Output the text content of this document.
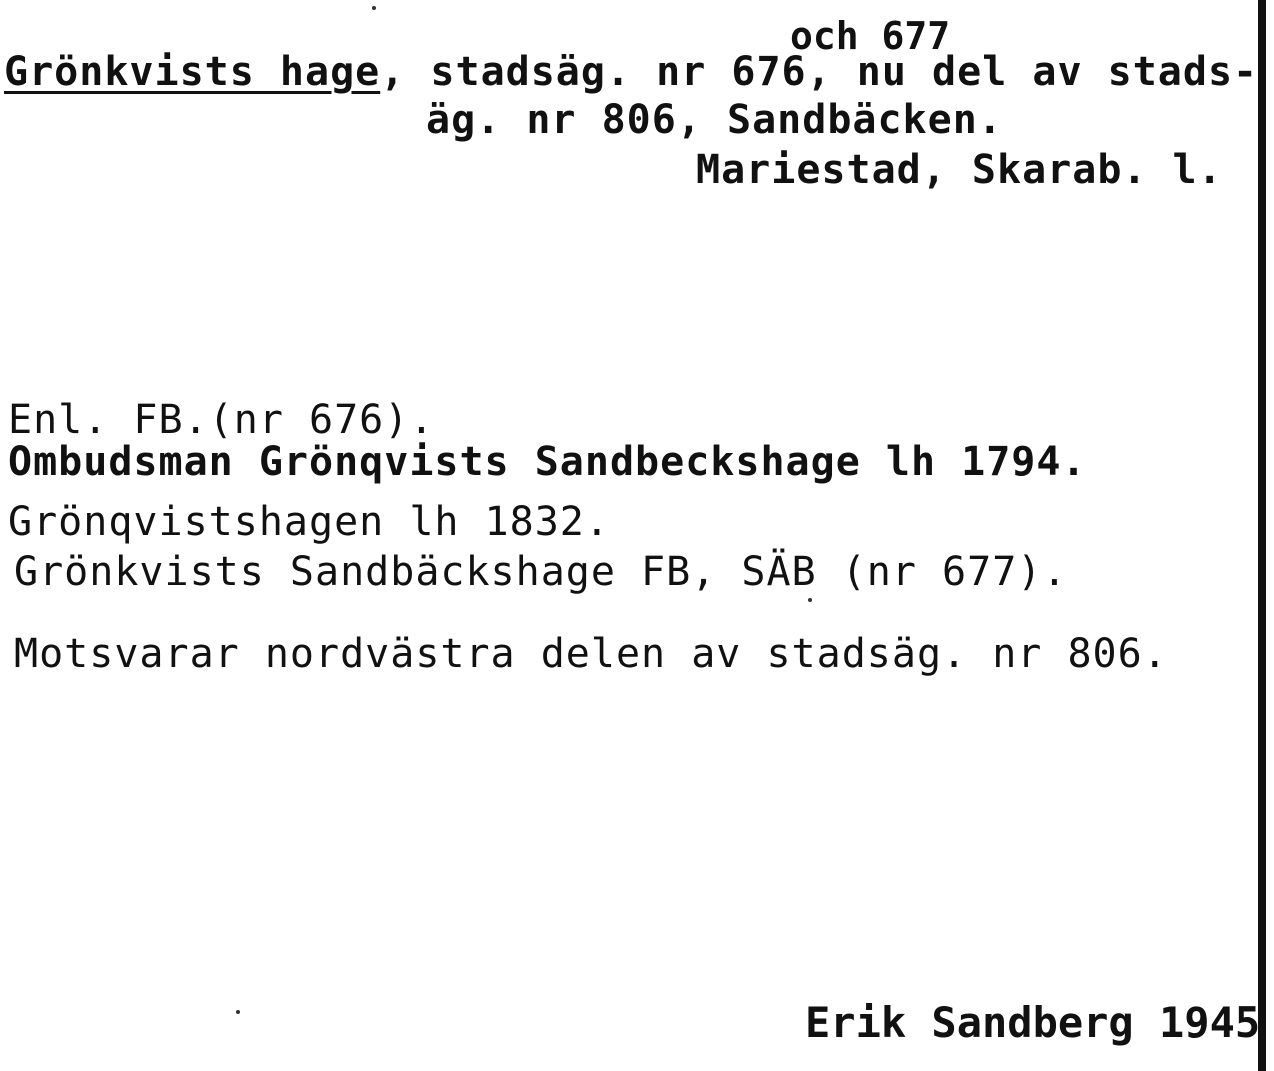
och 677
Grönkvists hage, stadsäg. nr 676, nu del av stads-
äg. nr 806, Sandbäcken.
Mariestad, Skarab. l.
Enl. FB.(nr 676).
Ombudsman Grönqvists Sandbeckshage lh 1794.
Grönqvistshagen lh 1832.
Grönkvists Sandbäckshage FB, SÄB (nr 677).
Motsvarar nordvästra delen av stadsäg. nr 806.
Erik Sandberg 1945
